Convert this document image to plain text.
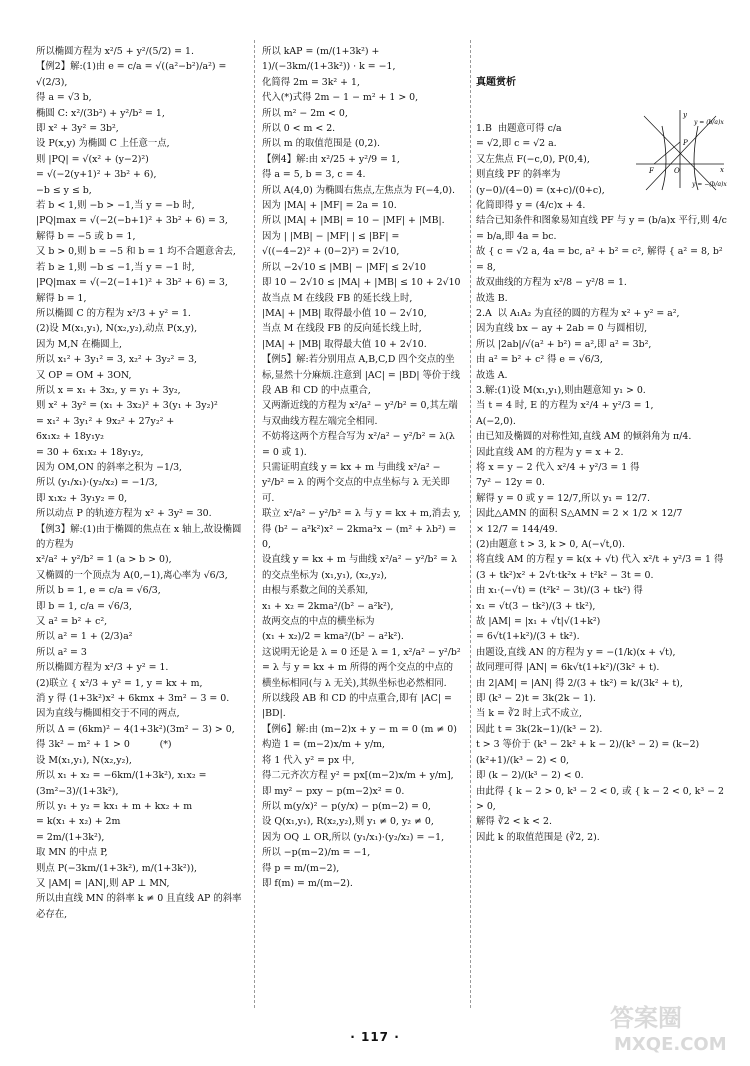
所以椭圆方程为 x²/5 + y²/(5/2) = 1.
【例2】解:(1)由 e = c/a = √((a²−b²)/a²) = √(2/3),
得 a = √3 b,
椭圆 C: x²/(3b²) + y²/b² = 1,
即 x² + 3y² = 3b²,
设 P(x,y) 为椭圆 C 上任意一点,
则 |PQ| = √(x² + (y−2)²)
= √(−2(y+1)² + 3b² + 6),
−b ≤ y ≤ b,
若 b < 1,则 −b > −1,当 y = −b 时,
|PQ|max = √(−2(−b+1)² + 3b² + 6) = 3,
解得 b = −5 或 b = 1,
又 b > 0,则 b = −5 和 b = 1 均不合题意舍去,
若 b ≥ 1,则 −b ≤ −1,当 y = −1 时,
|PQ|max = √(−2(−1+1)² + 3b² + 6) = 3,
解得 b = 1,
所以椭圆 C 的方程为 x²/3 + y² = 1.
(2)设 M(x₁,y₁), N(x₂,y₂),动点 P(x,y),
因为 M,N 在椭圆上,
所以 x₁² + 3y₁² = 3, x₂² + 3y₂² = 3,
又 OP = OM + 3ON,
所以 x = x₁ + 3x₂, y = y₁ + 3y₂,
则 x² + 3y² = (x₁ + 3x₂)² + 3(y₁ + 3y₂)²
= x₁² + 3y₁² + 9x₂² + 27y₂² +
6x₁x₂ + 18y₁y₂
= 30 + 6x₁x₂ + 18y₁y₂,
因为 OM,ON 的斜率之积为 −1/3,
所以 (y₁/x₁)·(y₂/x₂) = −1/3,
即 x₁x₂ + 3y₁y₂ = 0,
所以动点 P 的轨迹方程为 x² + 3y² = 30.
【例3】解:(1)由于椭圆的焦点在 x 轴上,故设椭圆的方程为
x²/a² + y²/b² = 1 (a > b > 0),
又椭圆的一个顶点为 A(0,−1),离心率为 √6/3,
所以 b = 1, e = c/a = √6/3,
即 b = 1, c/a = √6/3,
又 a² = b² + c²,
所以 a² = 1 + (2/3)a²
所以 a² = 3
所以椭圆方程为 x²/3 + y² = 1.
(2)联立 { x²/3 + y² = 1, y = kx + m,
消 y 得 (1+3k²)x² + 6kmx + 3m² − 3 = 0.
因为直线与椭圆相交于不同的两点,
所以 Δ = (6km)² − 4(1+3k²)(3m² − 3) > 0,
得 3k² − m² + 1 > 0          (*)
设 M(x₁,y₁), N(x₂,y₂),
所以 x₁ + x₂ = −6km/(1+3k²), x₁x₂ = (3m²−3)/(1+3k²),
所以 y₁ + y₂ = kx₁ + m + kx₂ + m
= k(x₁ + x₂) + 2m
= 2m/(1+3k²),
取 MN 的中点 P,
则点 P(−3km/(1+3k²), m/(1+3k²)),
又 |AM| = |AN|,则 AP ⊥ MN,
所以由直线 MN 的斜率 k ≠ 0 且直线 AP 的斜率必存在,
所以 kAP = (m/(1+3k²) + 1)/(−3km/(1+3k²)) · k = −1,
化简得 2m = 3k² + 1,
代入(*)式得 2m − 1 − m² + 1 > 0,
所以 m² − 2m < 0,
所以 0 < m < 2.
所以 m 的取值范围是 (0,2).
【例4】解:由 x²/25 + y²/9 = 1,
得 a = 5, b = 3, c = 4.
所以 A(4,0) 为椭圆右焦点,左焦点为 F(−4,0).
因为 |MA| + |MF| = 2a = 10.
所以 |MA| + |MB| = 10 − |MF| + |MB|.
因为 | |MB| − |MF| | ≤ |BF| =
√((−4−2)² + (0−2)²) = 2√10,
所以 −2√10 ≤ |MB| − |MF| ≤ 2√10
即 10 − 2√10 ≤ |MA| + |MB| ≤ 10 + 2√10
故当点 M 在线段 FB 的延长线上时,
|MA| + |MB| 取得最小值 10 − 2√10,
当点 M 在线段 FB 的反向延长线上时,
|MA| + |MB| 取得最大值 10 + 2√10.
【例5】解:若分别用点 A,B,C,D 四个交点的坐标,显然十分麻烦.注意到 |AC| = |BD| 等价于线段 AB 和 CD 的中点重合,
又两渐近线的方程为 x²/a² − y²/b² = 0,其左端与双曲线方程左端完全相同.
不妨将这两个方程合写为 x²/a² − y²/b² = λ(λ = 0 或 1).
只需证明直线 y = kx + m 与曲线 x²/a² − y²/b² = λ 的两个交点的中点坐标与 λ 无关即可.
联立 x²/a² − y²/b² = λ 与 y = kx + m,消去 y,得 (b² − a²k²)x² − 2kma²x − (m² + λb²) = 0,
设直线 y = kx + m 与曲线 x²/a² − y²/b² = λ 的交点坐标为 (x₁,y₁), (x₂,y₂),
由根与系数之间的关系知,
x₁ + x₂ = 2kma²/(b² − a²k²),
故两交点的中点的横坐标为
(x₁ + x₂)/2 = kma²/(b² − a²k²).
这说明无论是 λ = 0 还是 λ = 1, x²/a² − y²/b² = λ 与 y = kx + m 所得的两个交点的中点的横坐标相同(与 λ 无关),其纵坐标也必然相同.
所以线段 AB 和 CD 的中点重合,即有 |AC| = |BD|.
【例6】解:由 (m−2)x + y − m = 0 (m ≠ 0) 构造 1 = (m−2)x/m + y/m,
将 1 代入 y² = px 中,
得二元齐次方程 y² = px[(m−2)x/m + y/m],即 my² − pxy − p(m−2)x² = 0.
所以 m(y/x)² − p(y/x) − p(m−2) = 0,
设 Q(x₁,y₁), R(x₂,y₂),则 y₁ ≠ 0, y₂ ≠ 0,
因为 OQ ⊥ OR,所以 (y₁/x₁)·(y₂/x₂) = −1,
所以 −p(m−2)/m = −1,
得 p = m/(m−2),
即 f(m) = m/(m−2).

真题赏析

y
x
F	O
P
y = (b/a)x
y = −(b/a)x

1.B  由题意可得 c/a
= √2,即 c = √2 a.
又左焦点 F(−c,0), P(0,4),
则直线 PF 的斜率为
(y−0)/(4−0) = (x+c)/(0+c),
化简即得 y = (4/c)x + 4.
结合已知条件和图象易知直线 PF 与 y = (b/a)x 平行,则 4/c = b/a,即 4a = bc.
故 { c = √2 a, 4a = bc, a² + b² = c², 解得 { a² = 8, b² = 8,
故双曲线的方程为 x²/8 − y²/8 = 1.
故选 B.
2.A  以 A₁A₂ 为直径的圆的方程为 x² + y² = a²,
因为直线 bx − ay + 2ab = 0 与圆相切,
所以 |2ab|/√(a² + b²) = a²,即 a² = 3b²,
由 a² = b² + c² 得 e = √6/3,
故选 A.
3.解:(1)设 M(x₁,y₁),则由题意知 y₁ > 0.
当 t = 4 时, E 的方程为 x²/4 + y²/3 = 1,
A(−2,0).
由已知及椭圆的对称性知,直线 AM 的倾斜角为 π/4.
因此直线 AM 的方程为 y = x + 2.
将 x = y − 2 代入 x²/4 + y²/3 = 1 得
7y² − 12y = 0.
解得 y = 0 或 y = 12/7,所以 y₁ = 12/7.
因此△AMN 的面积 S△AMN = 2 × 1/2 × 12/7
× 12/7 = 144/49.
(2)由题意 t > 3, k > 0, A(−√t,0).
将直线 AM 的方程 y = k(x + √t) 代入 x²/t + y²/3 = 1 得
(3 + tk²)x² + 2√t·tk²x + t²k² − 3t = 0.
由 x₁·(−√t) = (t²k² − 3t)/(3 + tk²) 得
x₁ = √t(3 − tk²)/(3 + tk²),
故 |AM| = |x₁ + √t|√(1+k²)
= 6√t(1+k²)/(3 + tk²).
由题设,直线 AN 的方程为 y = −(1/k)(x + √t),
故同理可得 |AN| = 6k√t(1+k²)/(3k² + t).
由 2|AM| = |AN| 得 2/(3 + tk²) = k/(3k² + t),
即 (k³ − 2)t = 3k(2k − 1).
当 k = ∛2 时上式不成立,
因此 t = 3k(2k−1)/(k³ − 2).
t > 3 等价于 (k³ − 2k² + k − 2)/(k³ − 2) = (k−2)(k²+1)/(k³ − 2) < 0,
即 (k − 2)/(k³ − 2) < 0.
由此得 { k − 2 > 0, k³ − 2 < 0, 或 { k − 2 < 0, k³ − 2 > 0,
解得 ∛2 < k < 2.
因此 k 的取值范围是 (∛2, 2).
· 117 ·
答案圈
MXQE.COM
